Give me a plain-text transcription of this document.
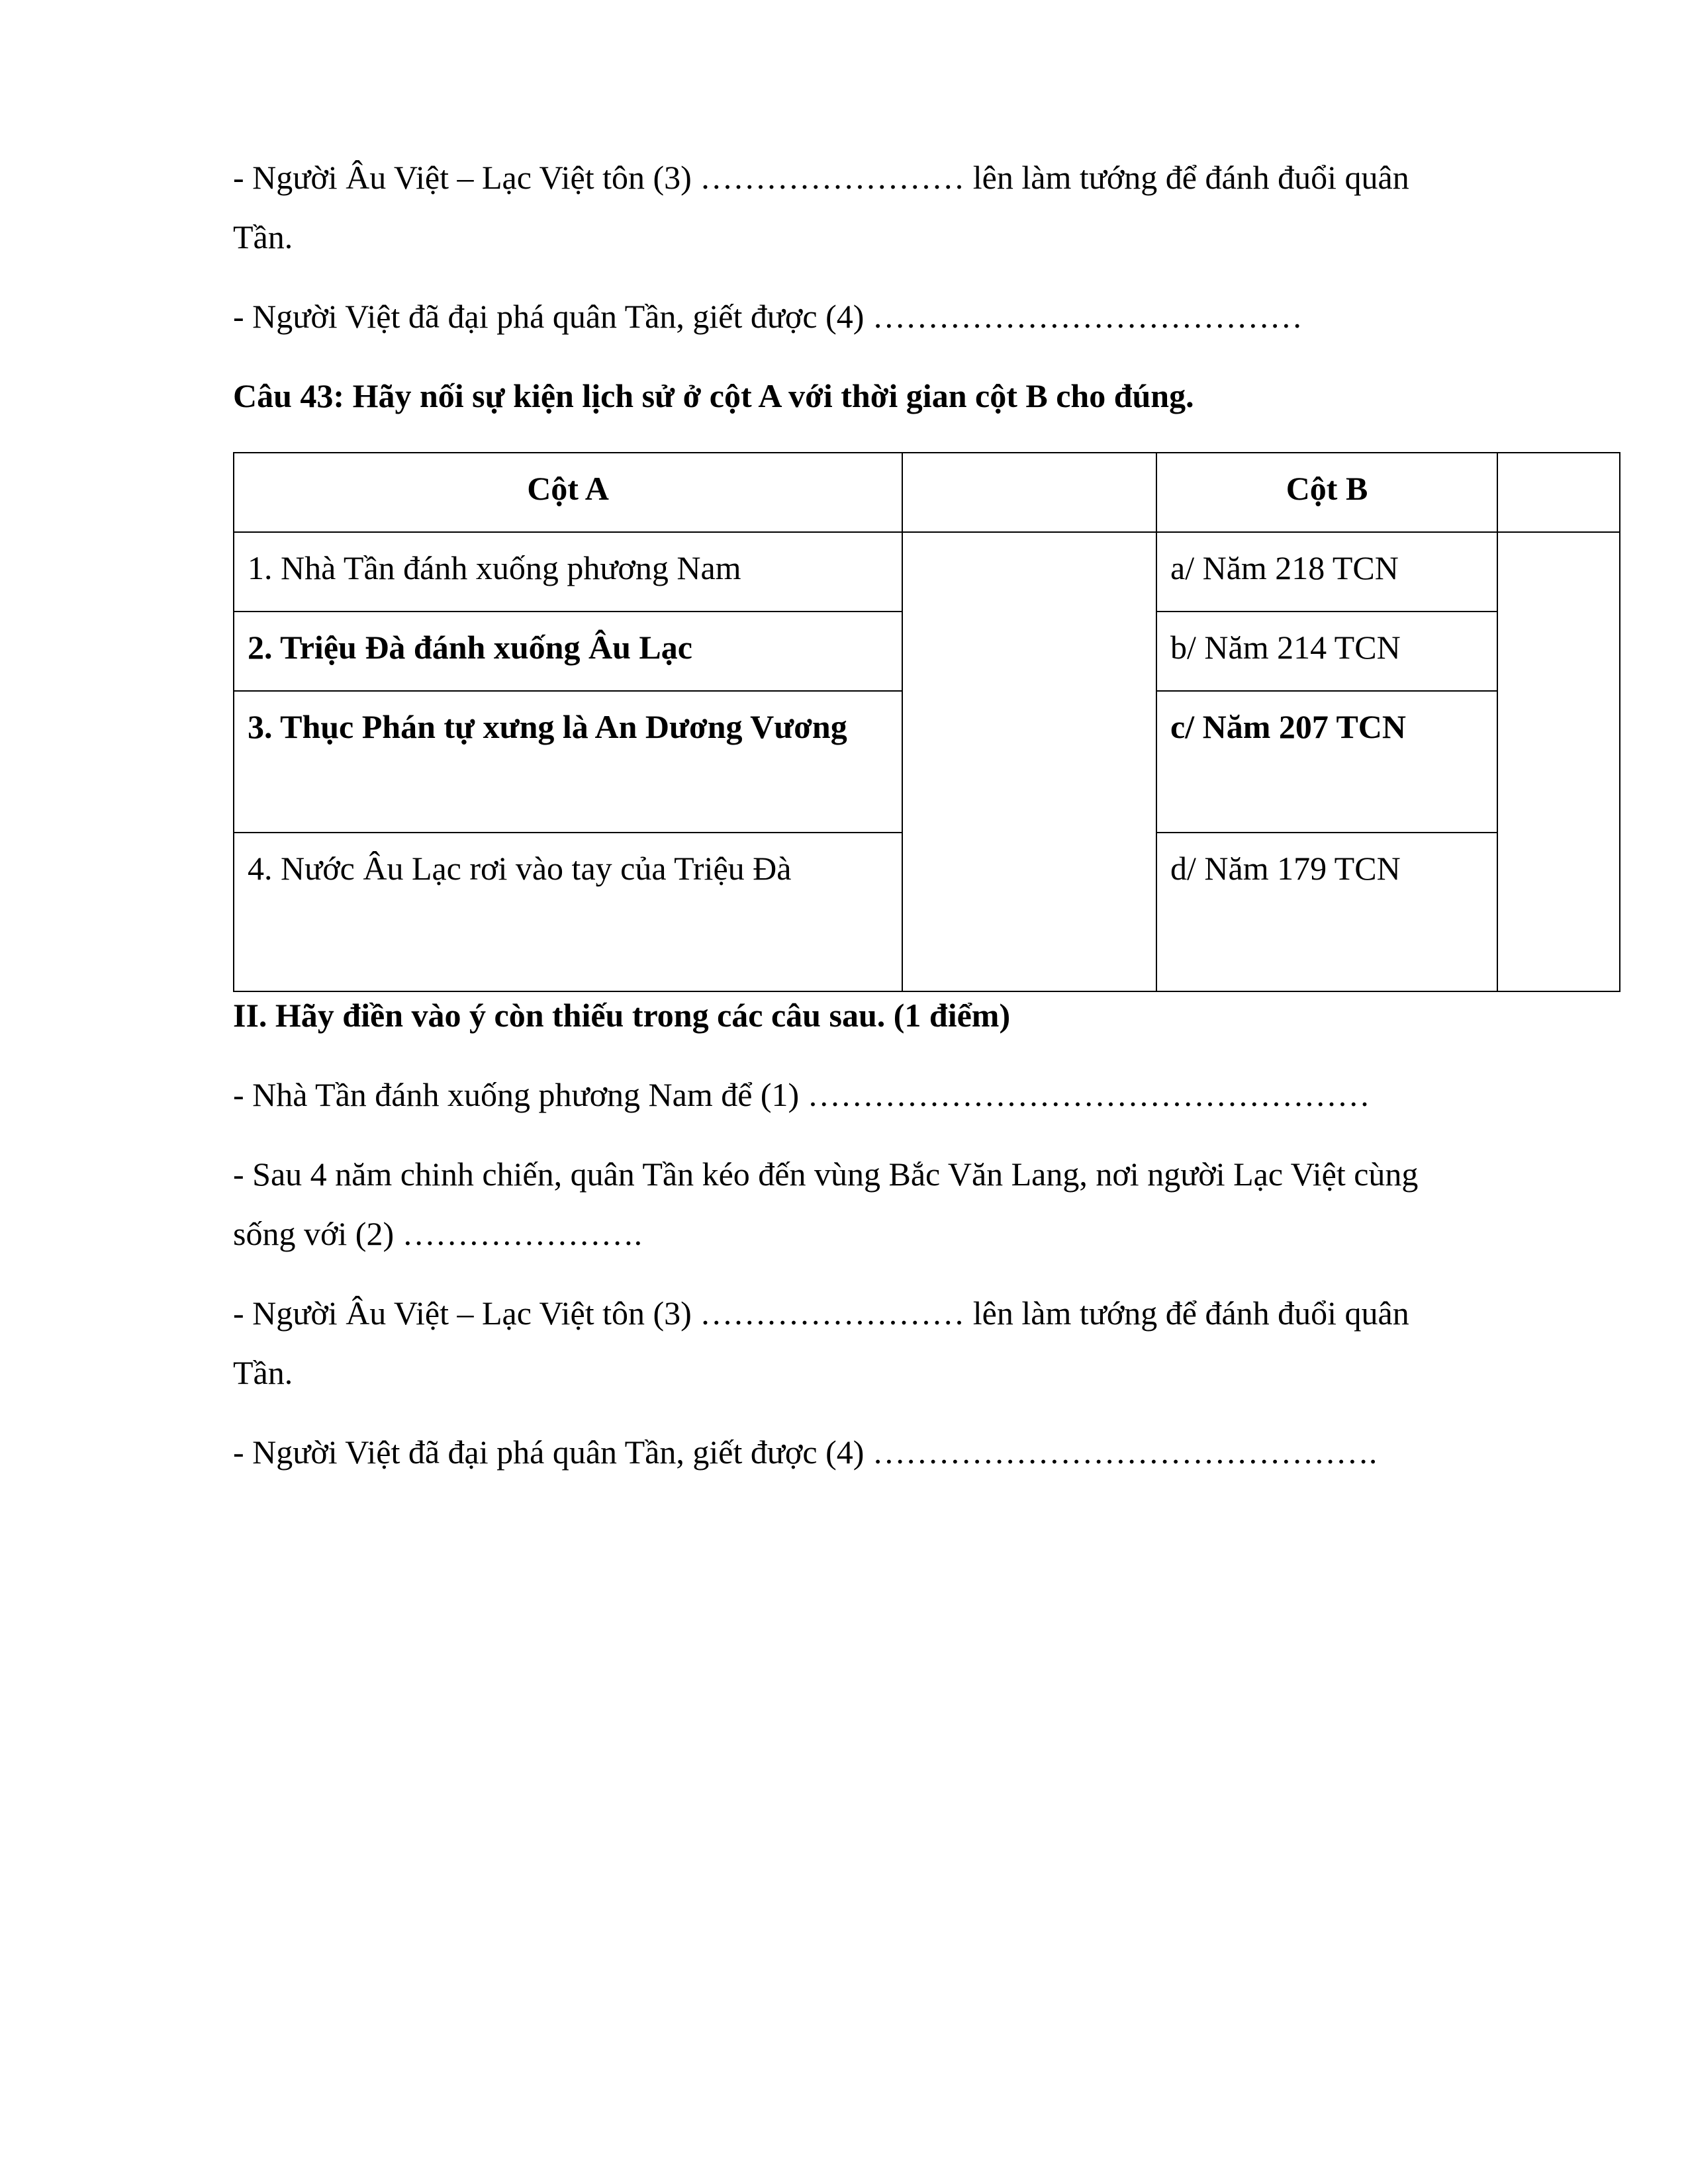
- Người Âu Việt – Lạc Việt tôn (3) …………………… lên làm tướng để đánh đuổi quân
Tần.
- Người Việt đã đại phá quân Tần, giết được (4) …………………………………
Câu 43: Hãy nối sự kiện lịch sử ở cột A với thời gian cột B cho đúng.
Cột A		Cột B	
1. Nhà Tần đánh xuống phương Nam		a/ Năm 218 TCN	
2. Triệu Đà đánh xuống Âu Lạc		b/ Năm 214 TCN	
3. Thục Phán tự xưng là An Dương Vương		c/ Năm 207 TCN	
4. Nước Âu Lạc rơi vào tay của Triệu Đà		d/ Năm 179 TCN	
II. Hãy điền vào ý còn thiếu trong các câu sau. (1 điểm)
- Nhà Tần đánh xuống phương Nam để (1) ……………………………………………
- Sau 4 năm chinh chiến, quân Tần kéo đến vùng Bắc Văn Lang, nơi người Lạc Việt cùng
sống với (2) ………………….
- Người Âu Việt – Lạc Việt tôn (3) …………………… lên làm tướng để đánh đuổi quân
Tần.
- Người Việt đã đại phá quân Tần, giết được (4) ……………………………………….
